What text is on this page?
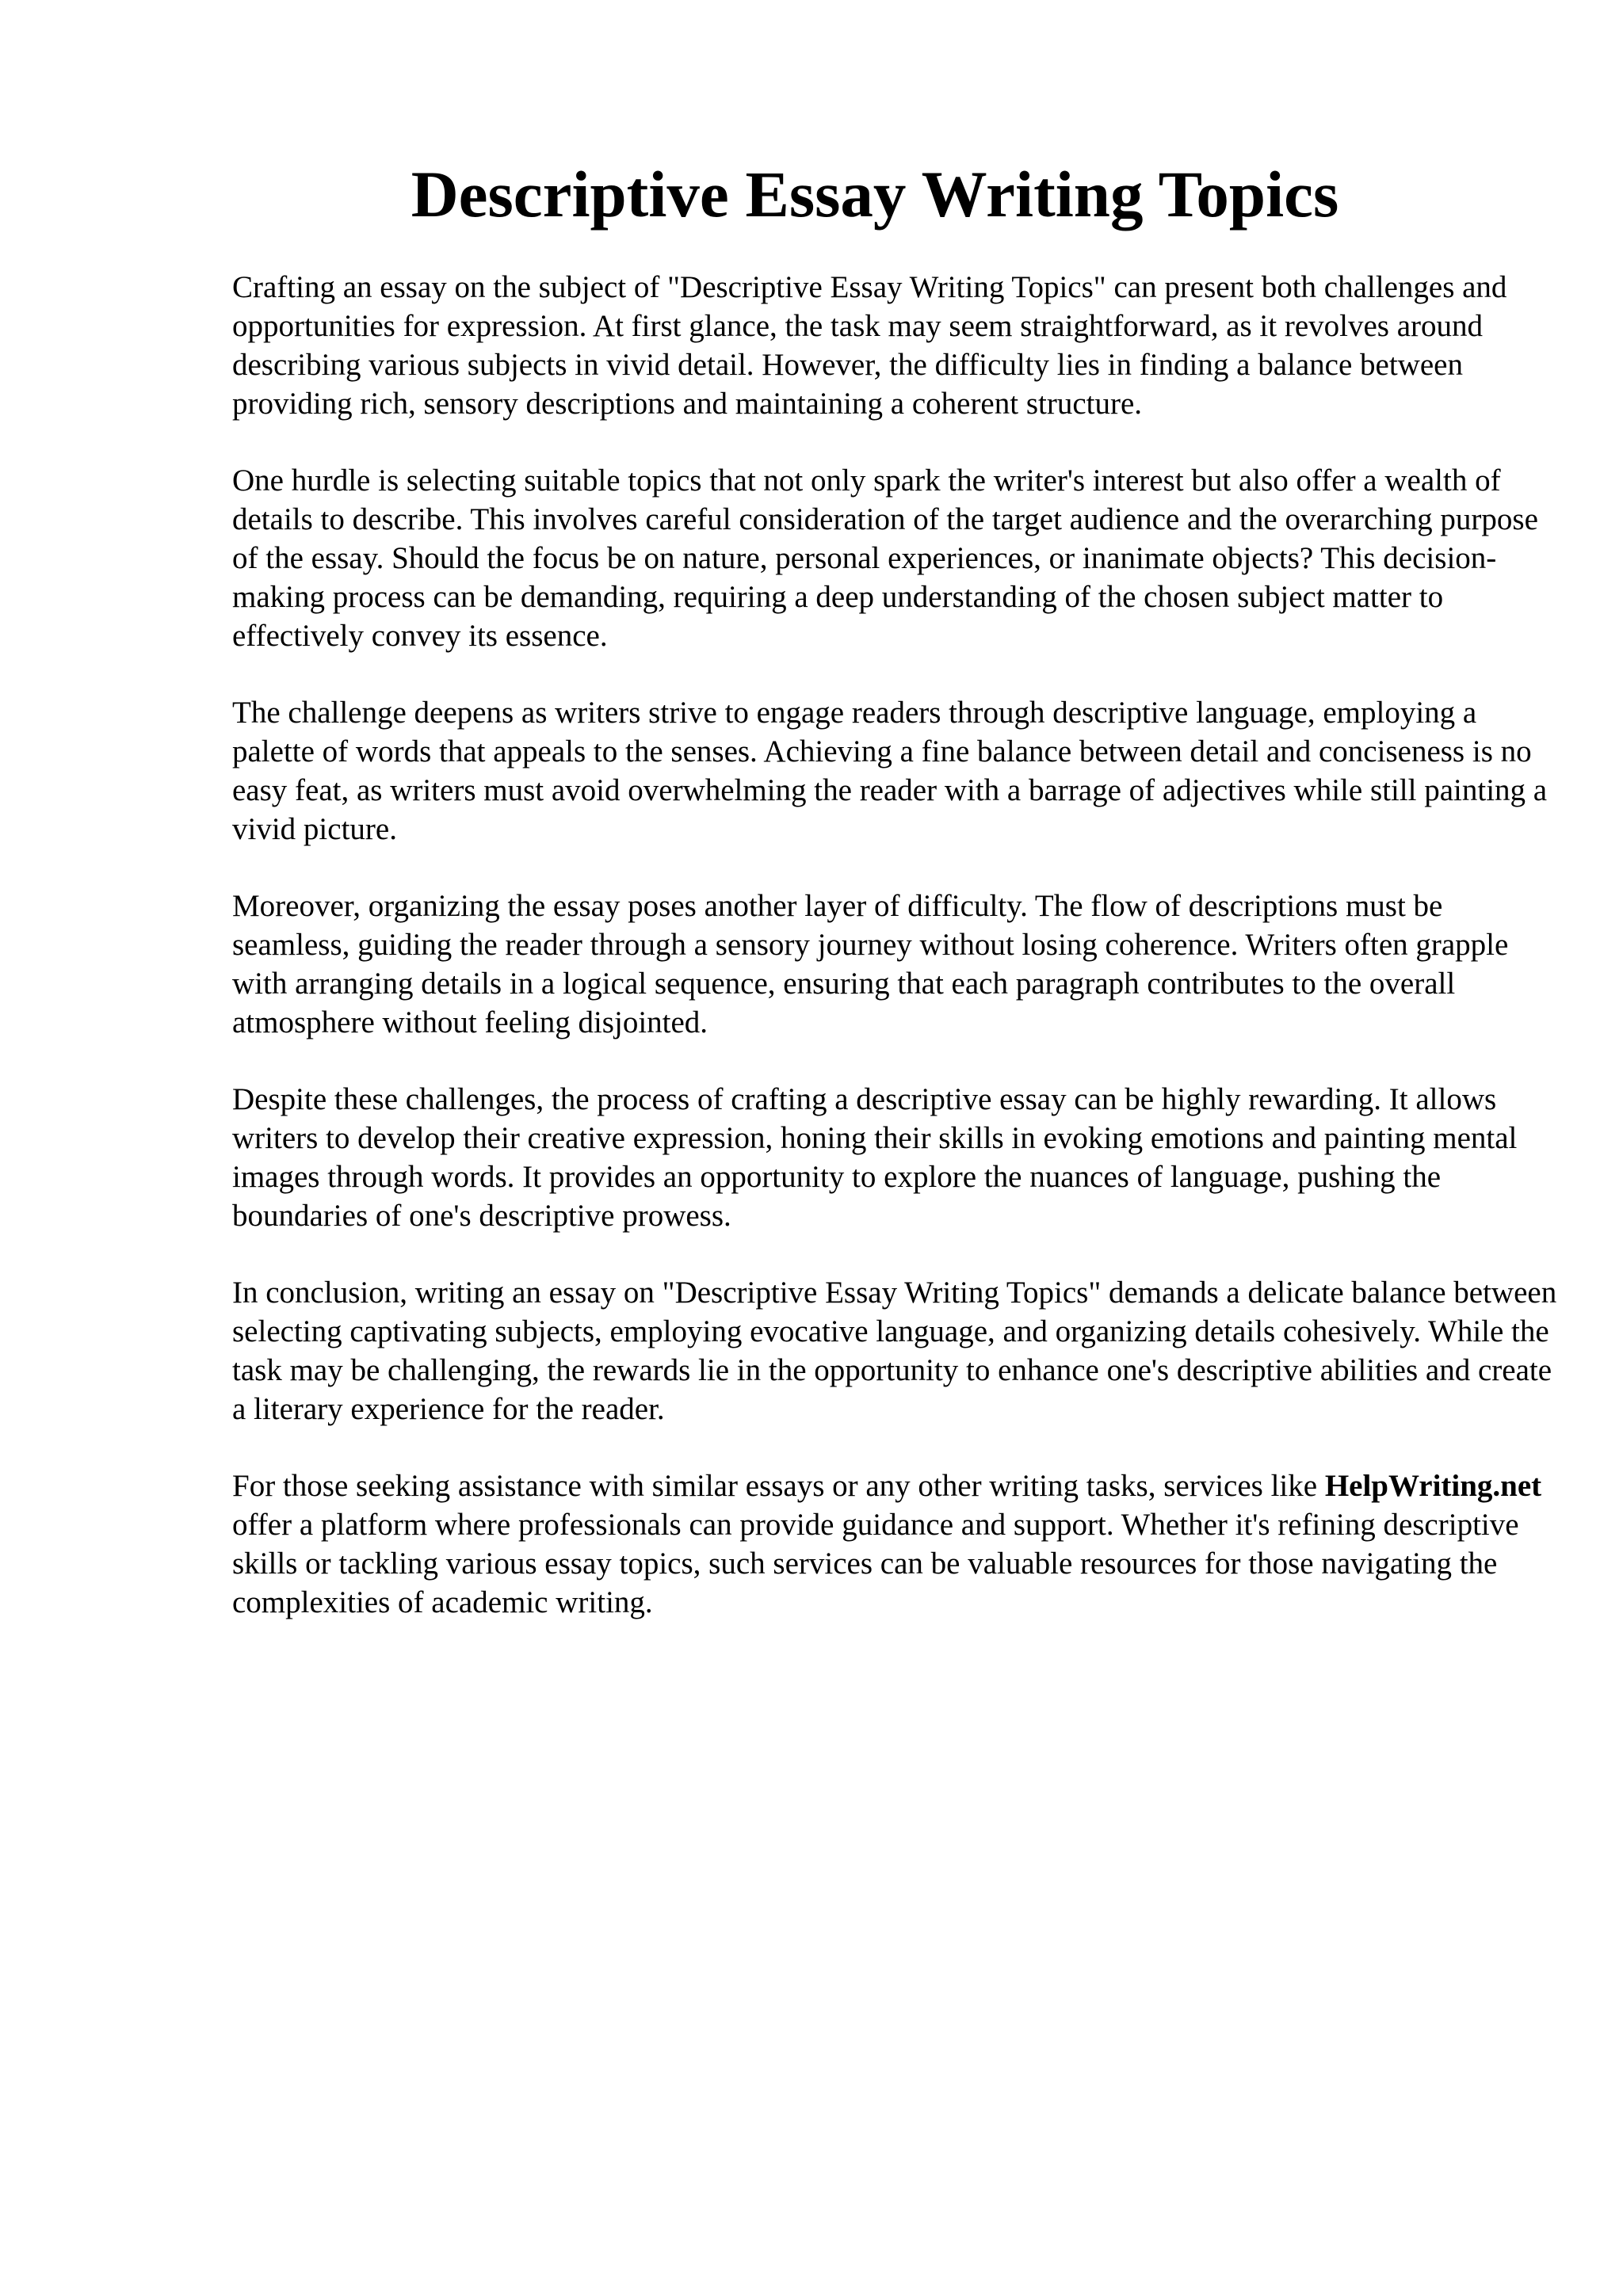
Descriptive Essay Writing Topics

Crafting an essay on the subject of "Descriptive Essay Writing Topics" can present both challenges and opportunities for expression. At first glance, the task may seem straightforward, as it revolves around describing various subjects in vivid detail. However, the difficulty lies in finding a balance between providing rich, sensory descriptions and maintaining a coherent structure.

One hurdle is selecting suitable topics that not only spark the writer's interest but also offer a wealth of details to describe. This involves careful consideration of the target audience and the overarching purpose of the essay. Should the focus be on nature, personal experiences, or inanimate objects? This decision-making process can be demanding, requiring a deep understanding of the chosen subject matter to effectively convey its essence.

The challenge deepens as writers strive to engage readers through descriptive language, employing a palette of words that appeals to the senses. Achieving a fine balance between detail and conciseness is no easy feat, as writers must avoid overwhelming the reader with a barrage of adjectives while still painting a vivid picture.

Moreover, organizing the essay poses another layer of difficulty. The flow of descriptions must be seamless, guiding the reader through a sensory journey without losing coherence. Writers often grapple with arranging details in a logical sequence, ensuring that each paragraph contributes to the overall atmosphere without feeling disjointed.

Despite these challenges, the process of crafting a descriptive essay can be highly rewarding. It allows writers to develop their creative expression, honing their skills in evoking emotions and painting mental images through words. It provides an opportunity to explore the nuances of language, pushing the boundaries of one's descriptive prowess.

In conclusion, writing an essay on "Descriptive Essay Writing Topics" demands a delicate balance between selecting captivating subjects, employing evocative language, and organizing details cohesively. While the task may be challenging, the rewards lie in the opportunity to enhance one's descriptive abilities and create a literary experience for the reader.

For those seeking assistance with similar essays or any other writing tasks, services like HelpWriting.net offer a platform where professionals can provide guidance and support. Whether it's refining descriptive skills or tackling various essay topics, such services can be valuable resources for those navigating the complexities of academic writing.
